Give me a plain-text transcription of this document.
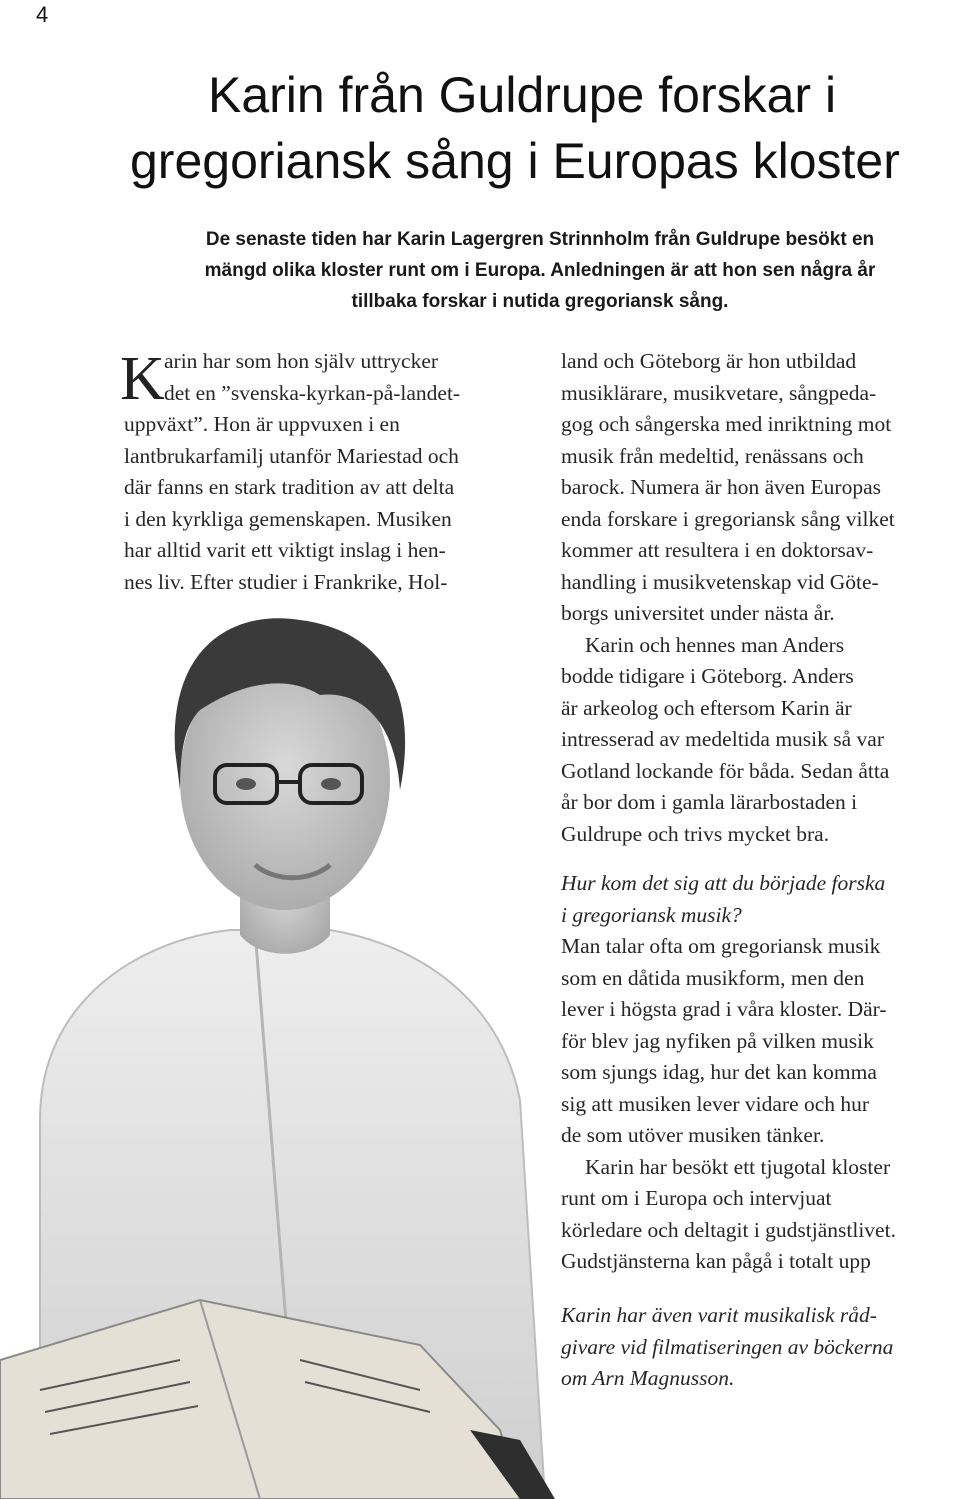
4
Karin från Guldrupe forskar i
gregoriansk sång i Europas kloster
De senaste tiden har Karin Lagergren Strinnholm från Guldrupe besökt en
mängd olika kloster runt om i Europa. Anledningen är att hon sen några år
tillbaka forskar i nutida gregoriansk sång.
K arin har som hon själv uttrycker
det en ”svenska-kyrkan-på-landet-
uppväxt”. Hon är uppvuxen i en
lantbrukarfamilj utanför Mariestad och
där fanns en stark tradition av att delta
i den kyrkliga gemenskapen. Musiken
har alltid varit ett viktigt inslag i hen-
nes liv. Efter studier i Frankrike, Hol-
land och Göteborg är hon utbildad
musiklärare, musikvetare, sångpeda-
gog och sångerska med inriktning mot
musik från medeltid, renässans och
barock. Numera är hon även Europas
enda forskare i gregoriansk sång vilket
kommer att resultera i en doktorsav-
handling i musikvetenskap vid Göte-
borgs universitet under nästa år.
Karin och hennes man Anders
bodde tidigare i Göteborg. Anders
är arkeolog och eftersom Karin är
intresserad av medeltida musik så var
Gotland lockande för båda. Sedan åtta
år bor dom i gamla lärarbostaden i
Guldrupe och trivs mycket bra.
Hur kom det sig att du började forska
i gregoriansk musik?
Man talar ofta om gregoriansk musik
som en dåtida musikform, men den
lever i högsta grad i våra kloster. Där-
för blev jag nyfiken på vilken musik
som sjungs idag, hur det kan komma
sig att musiken lever vidare och hur
de som utöver musiken tänker.
Karin har besökt ett tjugotal kloster
runt om i Europa och intervjuat
körledare och deltagit i gudstjänstlivet.
Gudstjänsterna kan pågå i totalt upp
Karin har även varit musikalisk råd-
givare vid filmatiseringen av böckerna
om Arn Magnusson.
